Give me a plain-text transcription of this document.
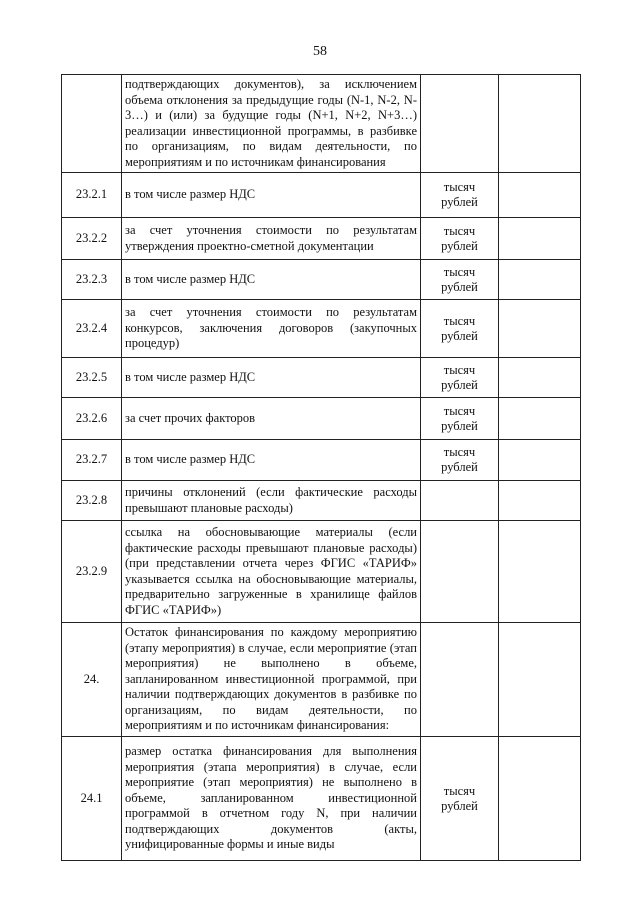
58
	подтверждающих документов), за исключением объема отклонения за предыдущие годы (N-1, N-2, N-3…) и (или) за будущие годы (N+1, N+2, N+3…) реализации инвестиционной программы, в разбивке по организациям, по видам деятельности, по мероприятиям и по источникам финансирования		
23.2.1	в том числе размер НДС	тысяч рублей	
23.2.2	за счет уточнения стоимости по результатам утверждения проектно-сметной документации	тысяч рублей	
23.2.3	в том числе размер НДС	тысяч рублей	
23.2.4	за счет уточнения стоимости по результатам конкурсов, заключения договоров (закупочных процедур)	тысяч рублей	
23.2.5	в том числе размер НДС	тысяч рублей	
23.2.6	за счет прочих факторов	тысяч рублей	
23.2.7	в том числе размер НДС	тысяч рублей	
23.2.8	причины отклонений (если фактические расходы превышают плановые расходы)		
23.2.9	ссылка на обосновывающие материалы (если фактические расходы превышают плановые расходы) (при представлении отчета через ФГИС «ТАРИФ» указывается ссылка на обосновывающие материалы, предварительно загруженные в хранилище файлов ФГИС «ТАРИФ»)		
24.	Остаток финансирования по каждому мероприятию (этапу мероприятия) в случае, если мероприятие (этап мероприятия) не выполнено в объеме, запланированном инвестиционной программой, при наличии подтверждающих документов в разбивке по организациям, по видам деятельности, по мероприятиям и по источникам финансирования:		
24.1	размер остатка финансирования для выполнения мероприятия (этапа мероприятия) в случае, если мероприятие (этап мероприятия) не выполнено в объеме, запланированном инвестиционной программой в отчетном году N, при наличии подтверждающих документов (акты, унифицированные формы и иные виды	тысяч рублей	
